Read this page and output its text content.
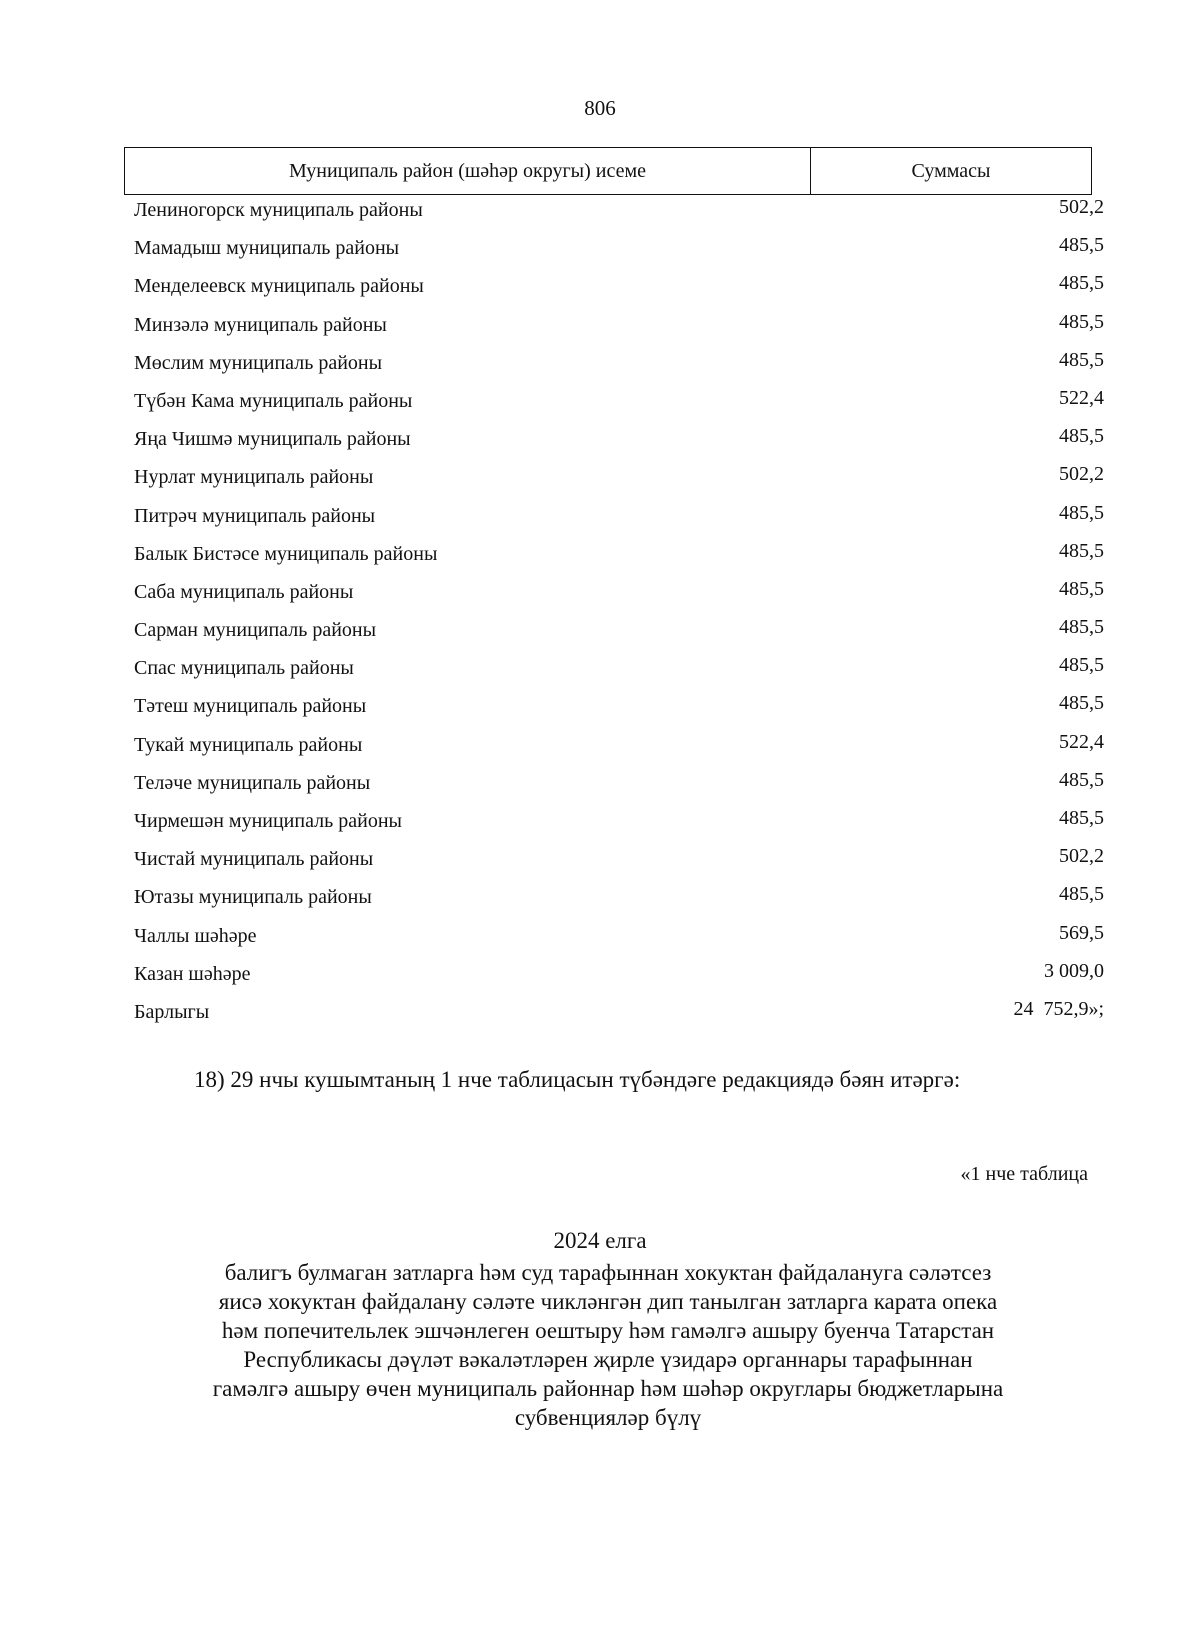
806
Муниципаль район (шәһәр округы) исеме	Суммасы
Лениногорск муниципаль районы	502,2
Мамадыш муниципаль районы	485,5
Менделеевск муниципаль районы	485,5
Минзәлә муниципаль районы	485,5
Мөслим муниципаль районы	485,5
Түбән Кама муниципаль районы	522,4
Яңа Чишмә муниципаль районы	485,5
Нурлат муниципаль районы	502,2
Питрәч муниципаль районы	485,5
Балык Бистәсе муниципаль районы	485,5
Саба муниципаль районы	485,5
Сарман муниципаль районы	485,5
Спас муниципаль районы	485,5
Тәтеш муниципаль районы	485,5
Тукай муниципаль районы	522,4
Теләче муниципаль районы	485,5
Чирмешән муниципаль районы	485,5
Чистай муниципаль районы	502,2
Ютазы муниципаль районы	485,5
Чаллы шәһәре	569,5
Казан шәһәре	3 009,0
Барлыгы	24  752,9»;
18) 29 нчы кушымтаның 1 нче таблицасын түбәндәге редакциядә бәян итәргә:
«1 нче таблица
2024 елга
балигъ булмаган затларга һәм суд тарафыннан хокуктан файдалануга сәләтсез
яисә хокуктан файдалану сәләте чикләнгән дип танылган затларга карата опека
һәм попечительлек эшчәнлеген оештыру һәм гамәлгә ашыру буенча Татарстан
Республикасы дәүләт вәкаләтләрен җирле үзидарә органнары тарафыннан
гамәлгә ашыру өчен муниципаль районнар һәм шәһәр округлары бюджетларына
субвенцияләр бүлү
